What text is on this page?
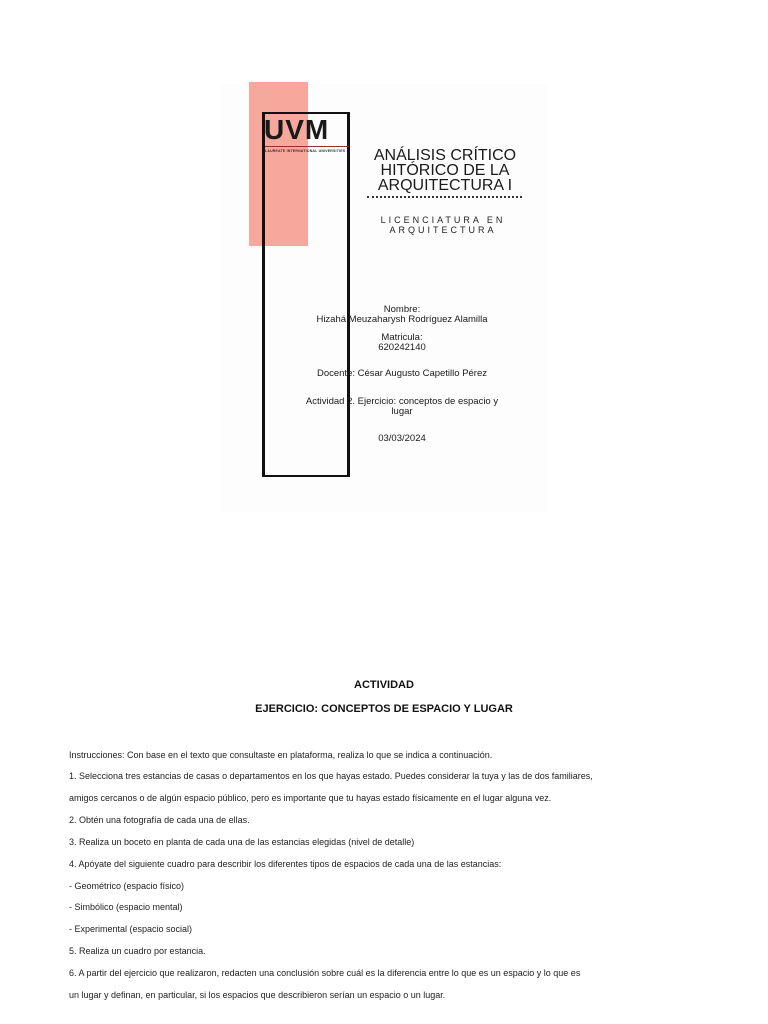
UVM
LAUREATE INTERNATIONAL UNIVERSITIES	ANÁLISIS CRÍTICO
HITÓRICO DE LA
ARQUITECTURA I
LICENCIATURA EN
ARQUITECTURA
Nombre:
Hizahá Meuzaharysh Rodríguez Alamilla
Matricula:
620242140
Docente: César Augusto Capetillo Pérez
Actividad 2. Ejercicio: conceptos de espacio y
lugar
03/03/2024
ACTIVIDAD
EJERCICIO: CONCEPTOS DE ESPACIO Y LUGAR
Instrucciones: Con base en el texto que consultaste en plataforma, realiza lo que se indica a continuación.
1. Selecciona tres estancias de casas o departamentos en los que hayas estado. Puedes considerar la tuya y las de dos familiares,
amigos cercanos o de algún espacio público, pero es importante que tu hayas estado físicamente en el lugar alguna vez.
2. Obtén una fotografía de cada una de ellas.
3. Realiza un boceto en planta de cada una de las estancias elegidas (nivel de detalle)
4. Apóyate del siguiente cuadro para describir los diferentes tipos de espacios de cada una de las estancias:
- Geométrico (espacio físico)
- Simbólico (espacio mental)
- Experimental (espacio social)
5. Realiza un cuadro por estancia.
6. A partir del ejercicio que realizaron, redacten una conclusión sobre cuál es la diferencia entre lo que es un espacio y lo que es
un lugar y definan, en particular, si los espacios que describieron serían un espacio o un lugar.
